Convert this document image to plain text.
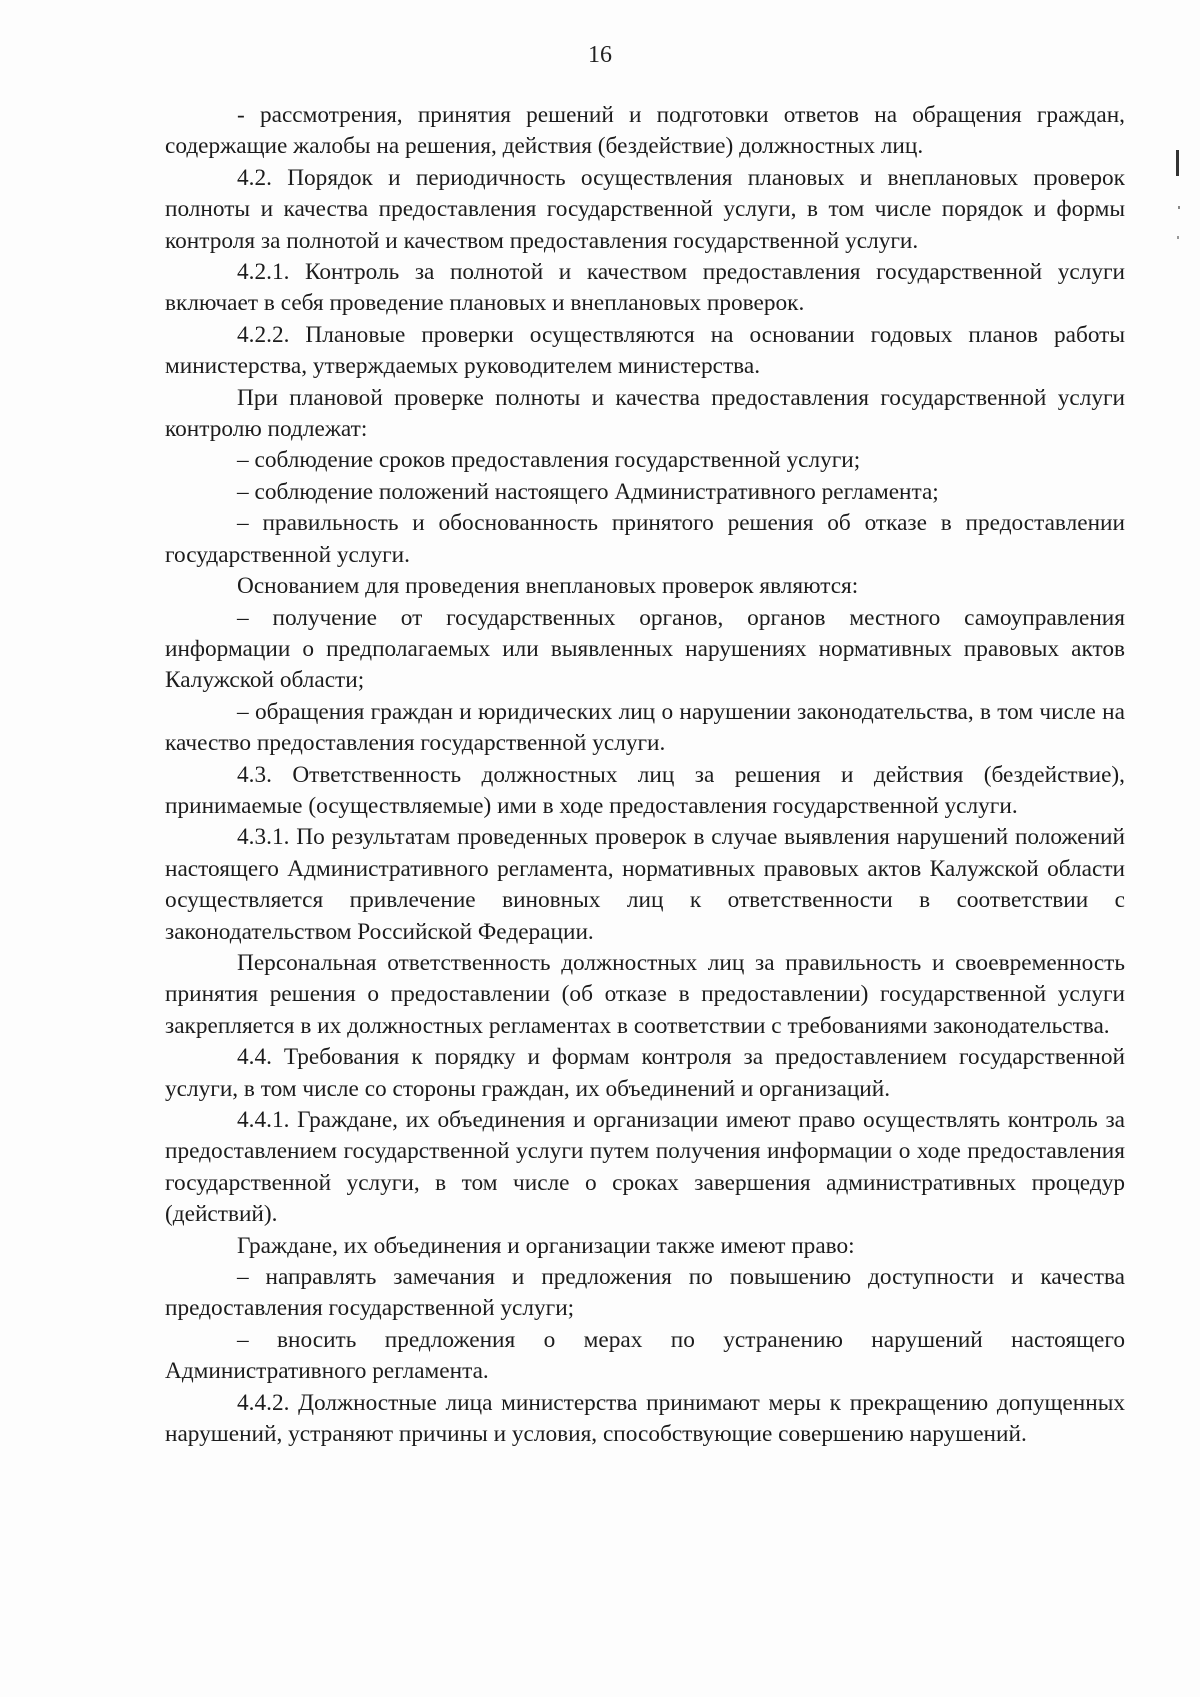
16

- рассмотрения, принятия решений и подготовки ответов на обращения граждан, содержащие жалобы на решения, действия (бездействие) должностных лиц.

4.2. Порядок и периодичность осуществления плановых и внеплановых проверок полноты и качества предоставления государственной услуги, в том числе порядок и формы контроля за полнотой и качеством предоставления государственной услуги.

4.2.1. Контроль за полнотой и качеством предоставления государственной услуги включает в себя проведение плановых и внеплановых проверок.

4.2.2. Плановые проверки осуществляются на основании годовых планов работы министерства, утверждаемых руководителем министерства.

При плановой проверке полноты и качества предоставления государственной услуги контролю подлежат:

– соблюдение сроков предоставления государственной услуги;

– соблюдение положений настоящего Административного регламента;

– правильность и обоснованность принятого решения об отказе в предоставлении государственной услуги.

Основанием для проведения внеплановых проверок являются:

– получение от государственных органов, органов местного самоуправления информации о предполагаемых или выявленных нарушениях нормативных правовых актов Калужской области;

– обращения граждан и юридических лиц о нарушении законодательства, в том числе на качество предоставления государственной услуги.

4.3. Ответственность должностных лиц за решения и действия (бездействие), принимаемые (осуществляемые) ими в ходе предоставления государственной услуги.

4.3.1. По результатам проведенных проверок в случае выявления нарушений положений настоящего Административного регламента, нормативных правовых актов Калужской области осуществляется привлечение виновных лиц к ответственности в соответствии с законодательством Российской Федерации.

Персональная ответственность должностных лиц за правильность и своевременность принятия решения о предоставлении (об отказе в предоставлении) государственной услуги закрепляется в их должностных регламентах в соответствии с требованиями законодательства.

4.4. Требования к порядку и формам контроля за предоставлением государственной услуги, в том числе со стороны граждан, их объединений и организаций.

4.4.1. Граждане, их объединения и организации имеют право осуществлять контроль за предоставлением государственной услуги путем получения информации о ходе предоставления государственной услуги, в том числе о сроках завершения административных процедур (действий).

Граждане, их объединения и организации также имеют право:

– направлять замечания и предложения по повышению доступности и качества предоставления государственной услуги;

– вносить предложения о мерах по устранению нарушений настоящего Административного регламента.

4.4.2. Должностные лица министерства принимают меры к прекращению допущенных нарушений, устраняют причины и условия, способствующие совершению нарушений.
